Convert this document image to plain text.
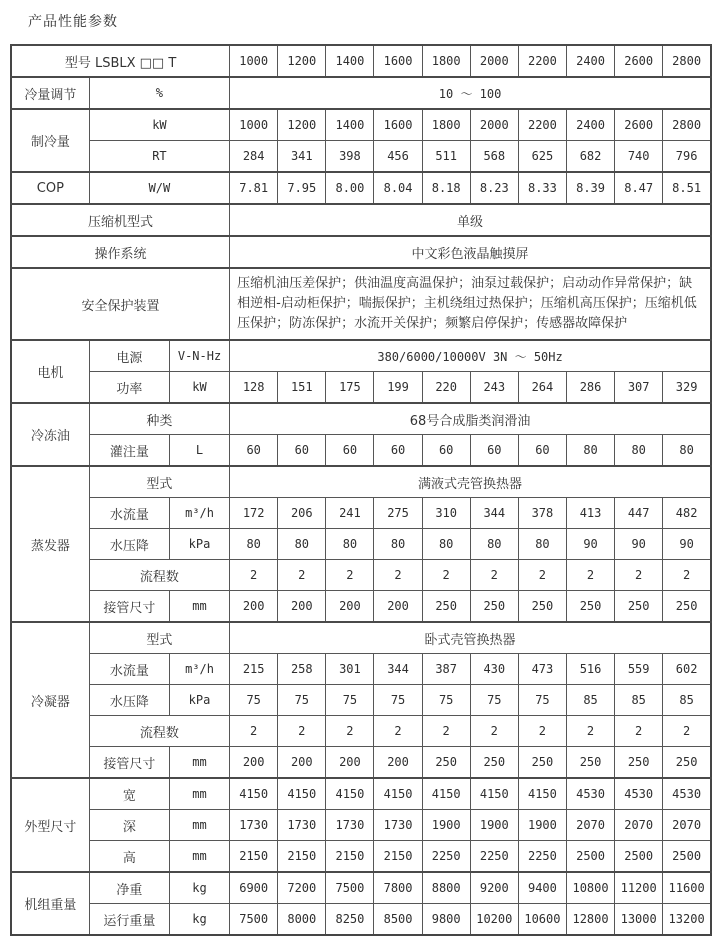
产品性能参数
型号 LSBLX □□ T			1000	1200	1400	1600	1800	2000	2200	2400	2600	2800
冷量调节	%		10 ～ 100									
制冷量	kW		1000	1200	1400	1600	1800	2000	2200	2400	2600	2800
	RT		284	341	398	456	511	568	625	682	740	796
COP	W/W		7.81	7.95	8.00	8.04	8.18	8.23	8.33	8.39	8.47	8.51
压缩机型式			单级									
操作系统			中文彩色液晶触摸屏									
安全保护装置			压缩机油压差保护；供油温度高温保护；油泵过载保护；启动动作异常保护；缺相逆相-启动柜保护；喘振保护；主机绕组过热保护；压缩机高压保护；压缩机低压保护；防冻保护；水流开关保护；频繁启停保护；传感器故障保护									
电机	电源	V-N-Hz	380/6000/10000V 3N ～ 50Hz									
	功率	kW	128	151	175	199	220	243	264	286	307	329
冷冻油	种类		68号合成脂类润滑油									
	灌注量	L	60	60	60	60	60	60	60	80	80	80
蒸发器	型式		满液式壳管换热器									
	水流量	m³/h	172	206	241	275	310	344	378	413	447	482
	水压降	kPa	80	80	80	80	80	80	80	90	90	90
	流程数		2	2	2	2	2	2	2	2	2	2
	接管尺寸	mm	200	200	200	200	250	250	250	250	250	250
冷凝器	型式		卧式壳管换热器									
	水流量	m³/h	215	258	301	344	387	430	473	516	559	602
	水压降	kPa	75	75	75	75	75	75	75	85	85	85
	流程数		2	2	2	2	2	2	2	2	2	2
	接管尺寸	mm	200	200	200	200	250	250	250	250	250	250
外型尺寸	宽	mm	4150	4150	4150	4150	4150	4150	4150	4530	4530	4530
	深	mm	1730	1730	1730	1730	1900	1900	1900	2070	2070	2070
	高	mm	2150	2150	2150	2150	2250	2250	2250	2500	2500	2500
机组重量	净重	kg	6900	7200	7500	7800	8800	9200	9400	10800	11200	11600
	运行重量	kg	7500	8000	8250	8500	9800	10200	10600	12800	13000	13200
